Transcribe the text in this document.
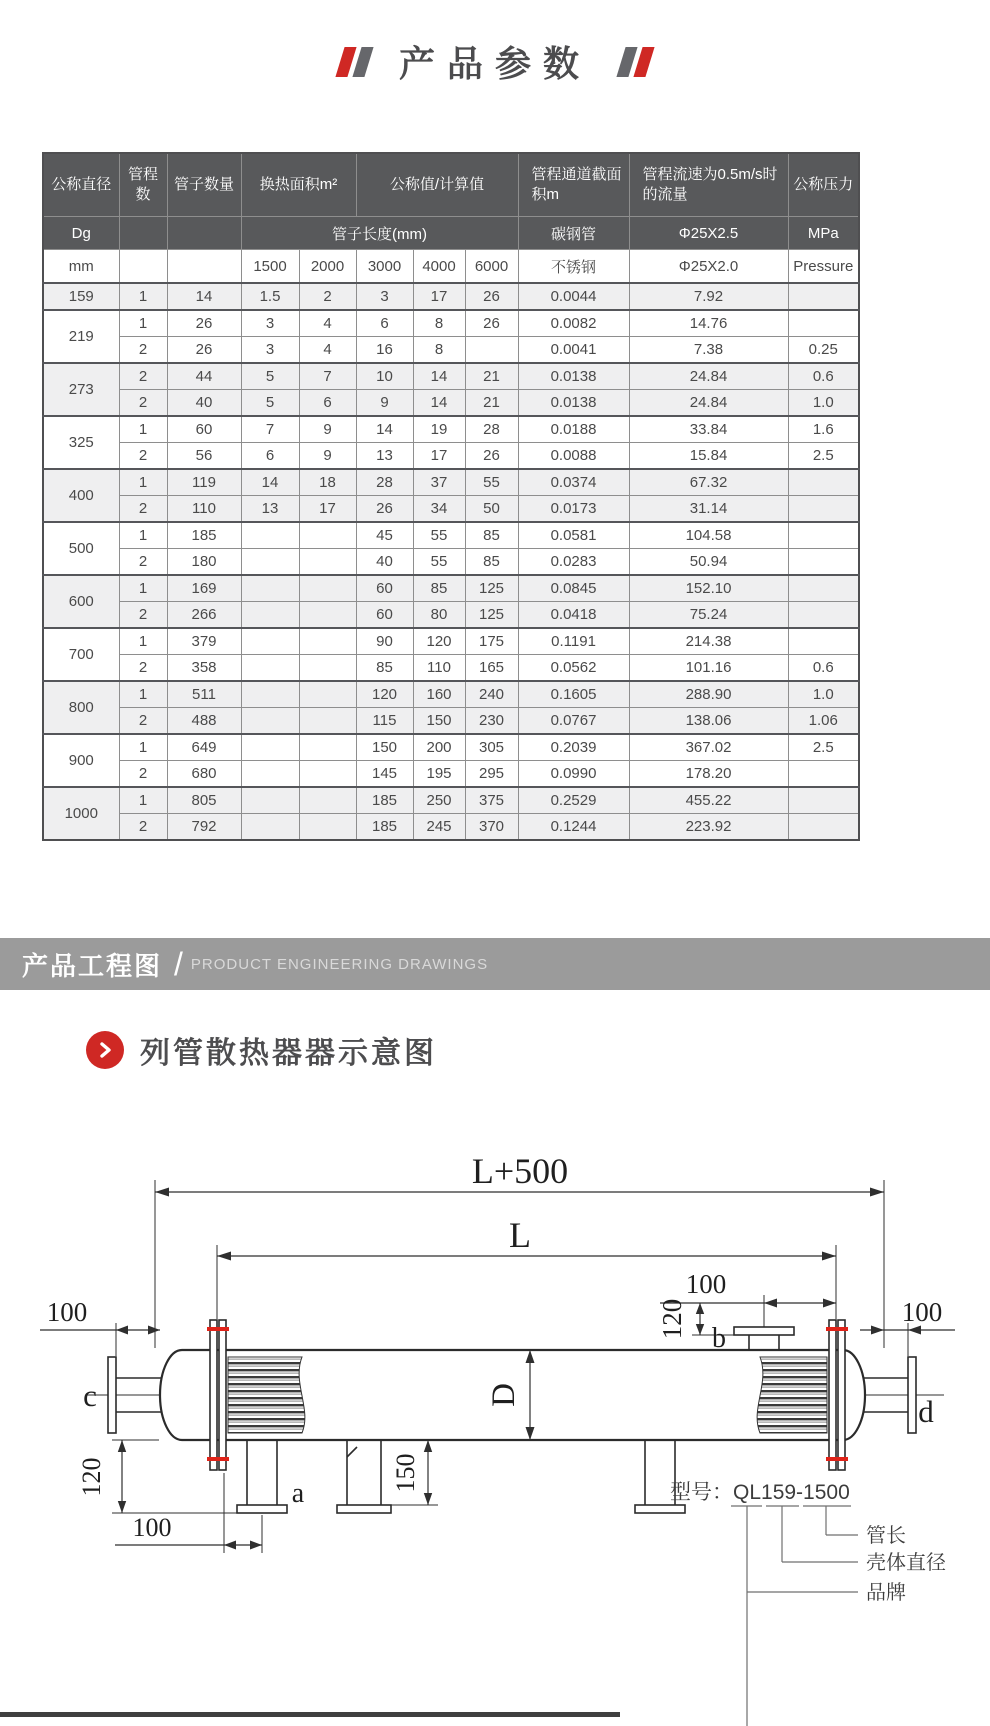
产品参数
公称直径	管程数	管子数量	换热面积m²		公称值/计算值			管程通道截面积m	管程流速为0.5m/s时的流量	公称压力
Dg			管子长度(mm)					碳钢管	Φ25X2.5	MPa
mm			1500	2000	3000	4000	6000	不锈钢	Φ25X2.0	Pressure
159	1	14	1.5	2	3	17	26	0.0044	7.92	
219	1	26	3	4	6	8	26	0.0082	14.76	
	2	26	3	4	16	8		0.0041	7.38	0.25
273	2	44	5	7	10	14	21	0.0138	24.84	0.6
	2	40	5	6	9	14	21	0.0138	24.84	1.0
325	1	60	7	9	14	19	28	0.0188	33.84	1.6
	2	56	6	9	13	17	26	0.0088	15.84	2.5
400	1	119	14	18	28	37	55	0.0374	67.32	
	2	110	13	17	26	34	50	0.0173	31.14	
500	1	185			45	55	85	0.0581	104.58	
	2	180			40	55	85	0.0283	50.94	
600	1	169			60	85	125	0.0845	152.10	
	2	266			60	80	125	0.0418	75.24	
700	1	379			90	120	175	0.1191	214.38	
	2	358			85	110	165	0.0562	101.16	0.6
800	1	511			120	160	240	0.1605	288.90	1.0
	2	488			115	150	230	0.0767	138.06	1.06
900	1	649			150	200	305	0.2039	367.02	2.5
	2	680			145	195	295	0.0990	178.20	
1000	1	805			185	250	375	0.2529	455.22	
	2	792			185	245	370	0.1244	223.92	
产品工程图 / PRODUCT ENGINEERING DRAWINGS
列管散热器器示意图
L+500
L
100
120
100	100
c	d
b
D
a
150
120
100
型号：QL159-1500
管长
壳体直径
品牌
